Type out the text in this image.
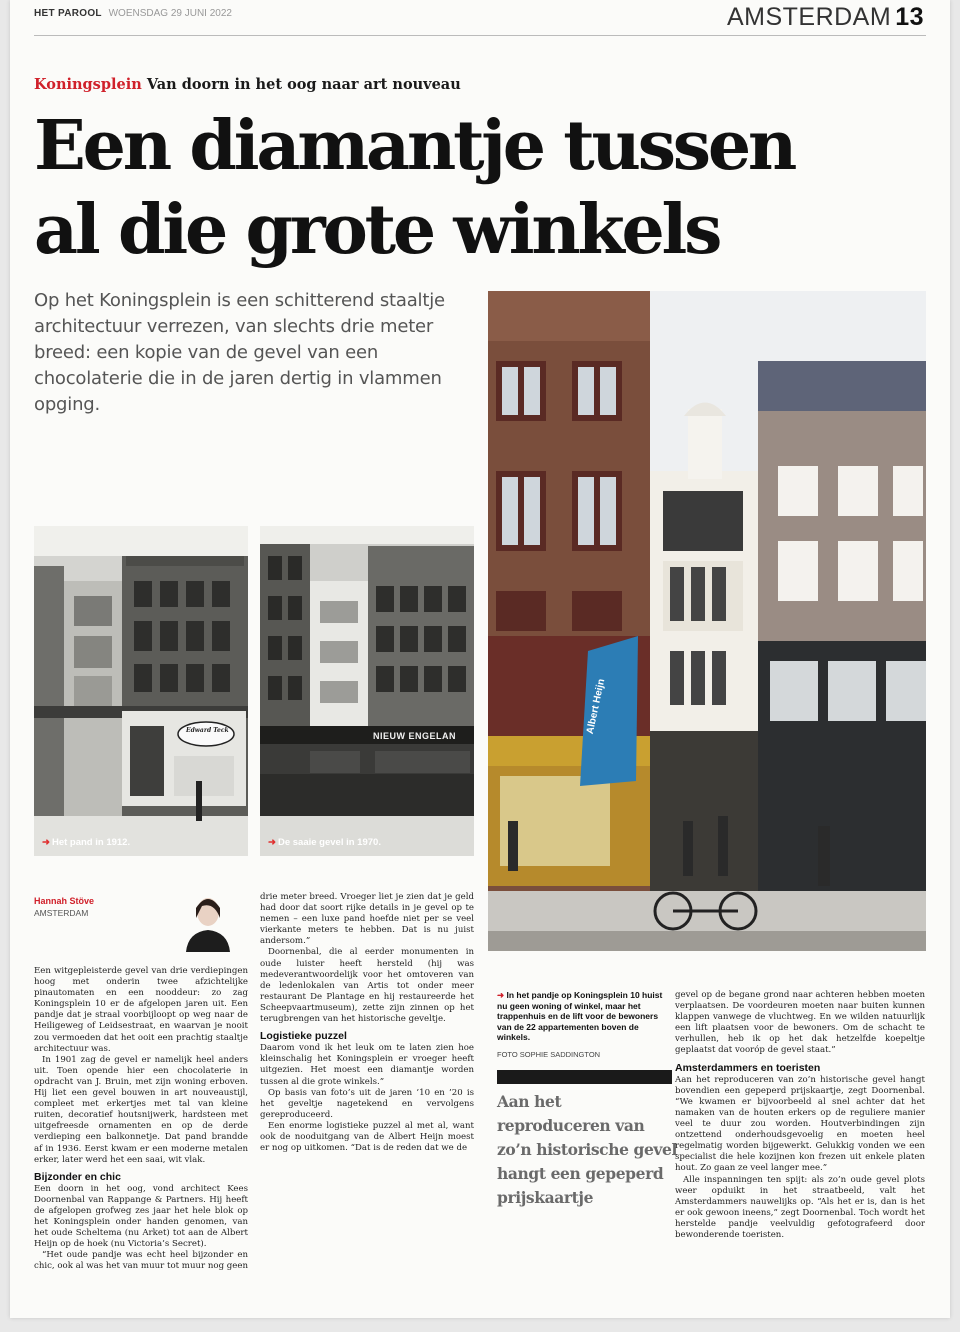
HET PAROOL WOENSDAG 29 JUNI 2022	AMSTERDAM 13
Koningsplein Van doorn in het oog naar art nouveau
Een diamantje tussen
al die grote winkels
Op het Koningsplein is een schitterend staaltje architectuur verrezen, van slechts drie meter breed: een kopie van de gevel van een chocolaterie die in de jaren dertig in vlammen opging.
Edward Teck
➜ Het pand in 1912.
NIEUW ENGELAN
➜ De saaie gevel in 1970.
Albert Heijn
Hannah Stöve
AMSTERDAM

Een witgepleisterde gevel van drie verdiepingen hoog met onderin twee afzichtelijke pinautomaten en een nooddeur: zo zag Koningsplein 10 er de afgelopen jaren uit. Een pandje dat je straal voorbijloopt op weg naar de Heiligeweg of Leidsestraat, en waarvan je nooit zou vermoeden dat het ooit een prachtig staaltje architectuur was.

In 1901 zag de gevel er namelijk heel anders uit. Toen opende hier een chocolaterie in opdracht van J. Bruin, met zijn woning erboven. Hij liet een gevel bouwen in art nouveaustijl, compleet met erkertjes met tal van kleine ruiten, decoratief houtsnijwerk, hardsteen met uitgefreesde ornamenten en op de derde verdieping een balkonnetje. Dat pand brandde af in 1936. Eerst kwam er een moderne metalen erker, later werd het een saai, wit vlak.

Bijzonder en chic

Een doorn in het oog, vond architect Kees Doornenbal van Rappange & Partners. Hij heeft de afgelopen grofweg zes jaar het hele blok op het Koningsplein onder handen genomen, van het oude Scheltema (nu Arket) tot aan de Albert Heijn op de hoek (nu Victoria’s Secret).

“Het oude pandje was echt heel bijzonder en chic, ook al was het van muur tot muur nog geen

drie meter breed. Vroeger liet je zien dat je geld had door dat soort rijke details in je gevel op te nemen – een luxe pand hoefde niet per se veel vierkante meters te hebben. Dat is nu juist andersom.”

Doornenbal, die al eerder monumenten in oude luister heeft hersteld (hij was medeverantwoordelijk voor het omtoveren van de ledenlokalen van Artis tot onder meer restaurant De Plantage en hij restaureerde het Scheepvaartmuseum), zette zijn zinnen op het terugbrengen van het historische geveltje.

Logistieke puzzel

Daarom vond ik het leuk om te laten zien hoe kleinschalig het Koningsplein er vroeger heeft uitgezien. Het moest een diamantje worden tussen al die grote winkels.”

Op basis van foto’s uit de jaren ’10 en ’20 is het geveltje nagetekend en vervolgens gereproduceerd.

Een enorme logistieke puzzel al met al, want ook de nooduitgang van de Albert Heijn moest er nog op uitkomen. “Dat is de reden dat we de

➜ In het pandje op Koningsplein 10 huist nu geen woning of winkel, maar het trappenhuis en de lift voor de bewoners van de 22 appartementen boven de winkels.
FOTO SOPHIE SADDINGTON
Aan het reproduceren van zo’n historische gevel hangt een gepeperd prijskaartje

gevel op de begane grond naar achteren hebben moeten verplaatsen. De voordeuren moeten naar buiten kunnen klappen vanwege de vluchtweg. En we wilden natuurlijk een lift plaatsen voor de bewoners. Om de schacht te verhullen, heb ik op het dak hetzelfde koepeltje geplaatst dat vooróp de gevel staat.”

Amsterdammers en toeristen

Aan het reproduceren van zo’n historische gevel hangt bovendien een gepeperd prijskaartje, zegt Doornenbal. “We kwamen er bijvoorbeeld al snel achter dat het namaken van de houten erkers op de reguliere manier veel te duur zou worden. Houtverbindingen zijn ontzettend onderhoudsgevoelig en moeten heel regelmatig worden bijgewerkt. Gelukkig vonden we een specialist die hele kozijnen kon frezen uit enkele platen hout. Zo gaan ze veel langer mee.”

Alle inspanningen ten spijt: als zo’n oude gevel plots weer opduikt in het straatbeeld, valt het Amsterdammers nauwelijks op. “Als het er is, dan is het er ook gewoon ineens,” zegt Doornenbal. Toch wordt het herstelde pandje veelvuldig gefotografeerd door bewonderende toeristen.
